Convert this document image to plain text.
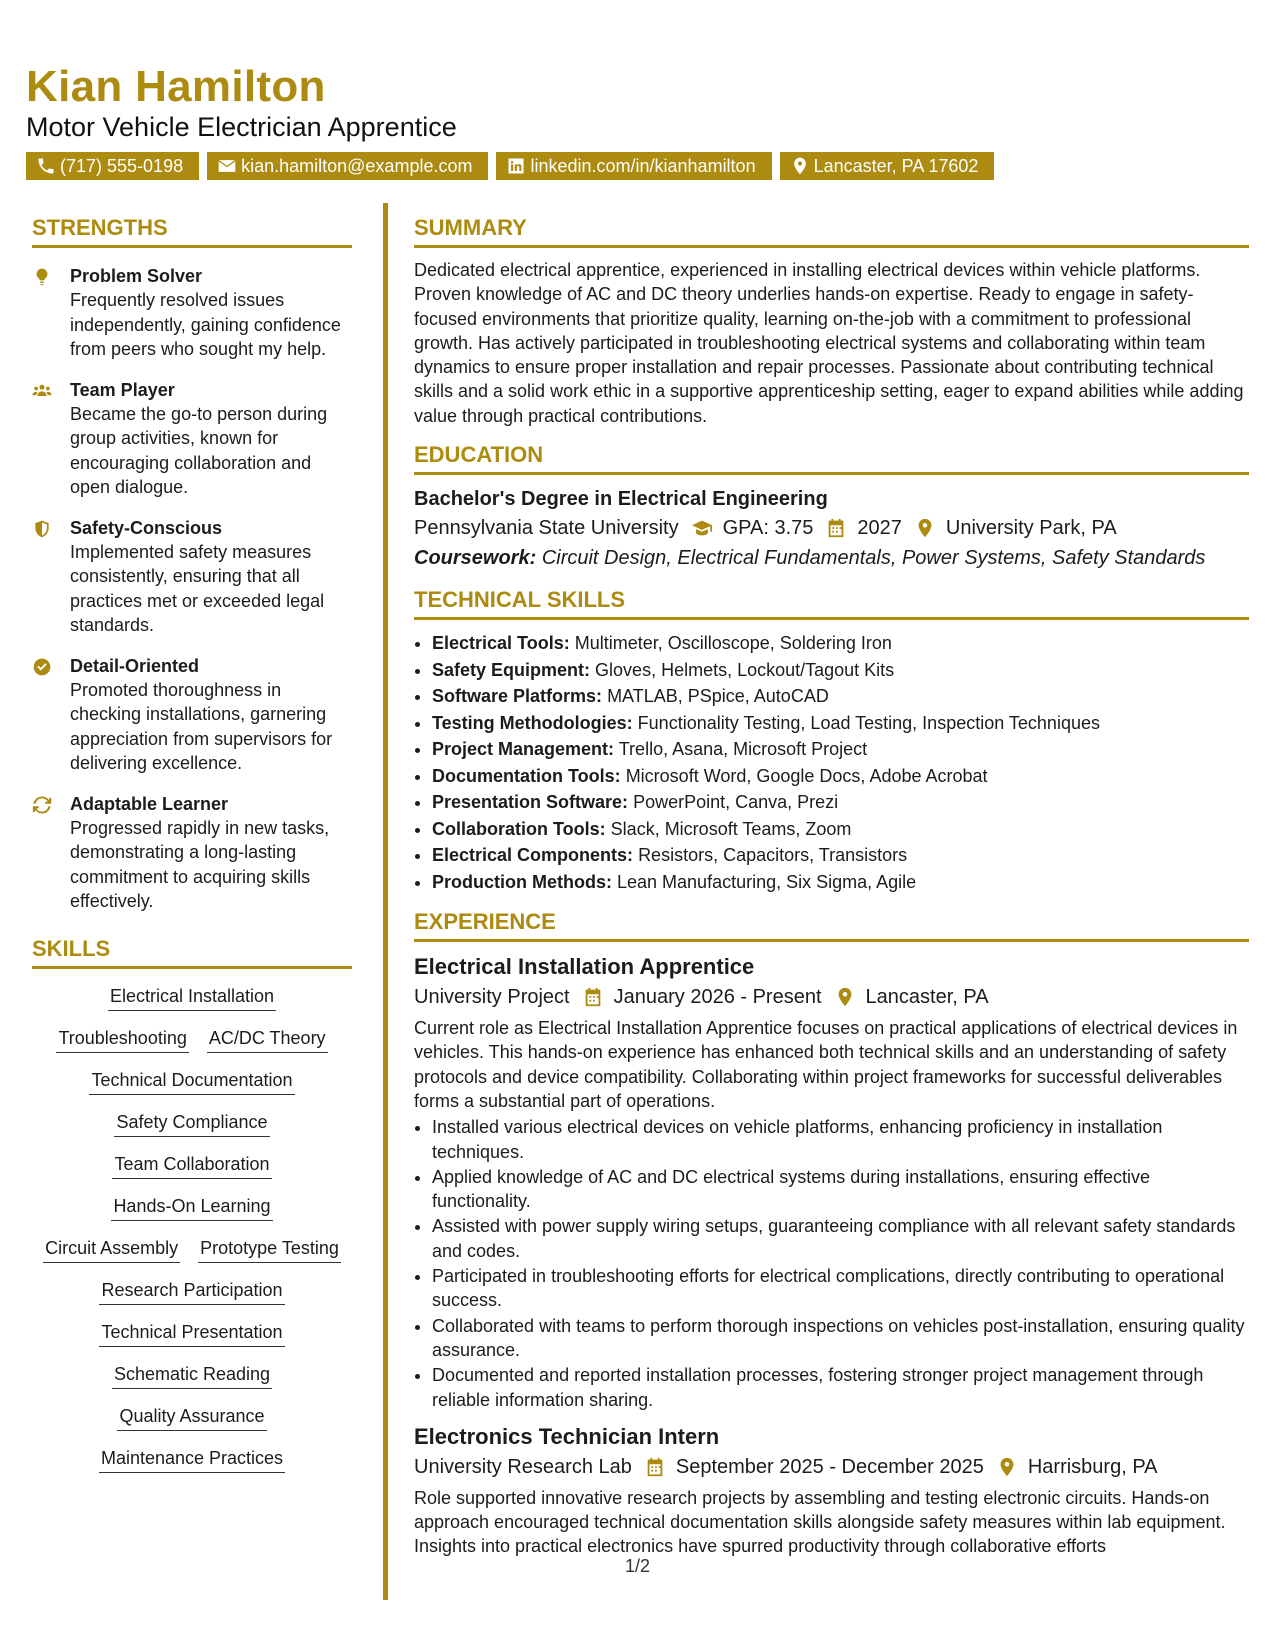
Kian Hamilton
Motor Vehicle Electrician Apprentice
(717) 555-0198	kian.hamilton@example.com	linkedin.com/in/kianhamilton	Lancaster, PA 17602
STRENGTHS
Problem Solver
Frequently resolved issues independently, gaining confidence from peers who sought my help.
Team Player
Became the go-to person during group activities, known for encouraging collaboration and open dialogue.
Safety-Conscious
Implemented safety measures consistently, ensuring that all practices met or exceeded legal standards.
Detail-Oriented
Promoted thoroughness in checking installations, garnering appreciation from supervisors for delivering excellence.
Adaptable Learner
Progressed rapidly in new tasks, demonstrating a long-lasting commitment to acquiring skills effectively.
SKILLS
Electrical Installation
Troubleshooting AC/DC Theory
Technical Documentation
Safety Compliance
Team Collaboration
Hands-On Learning
Circuit Assembly Prototype Testing
Research Participation
Technical Presentation
Schematic Reading
Quality Assurance
Maintenance Practices
SUMMARY
Dedicated electrical apprentice, experienced in installing electrical devices within vehicle platforms. Proven knowledge of AC and DC theory underlies hands-on expertise. Ready to engage in safety-focused environments that prioritize quality, learning on-the-job with a commitment to professional growth. Has actively participated in troubleshooting electrical systems and collaborating within team dynamics to ensure proper installation and repair processes. Passionate about contributing technical skills and a solid work ethic in a supportive apprenticeship setting, eager to expand abilities while adding value through practical contributions.
EDUCATION
Bachelor's Degree in Electrical Engineering
Pennsylvania State University GPA: 3.75 2027 University Park, PA
Coursework: Circuit Design, Electrical Fundamentals, Power Systems, Safety Standards
TECHNICAL SKILLS
• Electrical Tools: Multimeter, Oscilloscope, Soldering Iron
• Safety Equipment: Gloves, Helmets, Lockout/Tagout Kits
• Software Platforms: MATLAB, PSpice, AutoCAD
• Testing Methodologies: Functionality Testing, Load Testing, Inspection Techniques
• Project Management: Trello, Asana, Microsoft Project
• Documentation Tools: Microsoft Word, Google Docs, Adobe Acrobat
• Presentation Software: PowerPoint, Canva, Prezi
• Collaboration Tools: Slack, Microsoft Teams, Zoom
• Electrical Components: Resistors, Capacitors, Transistors
• Production Methods: Lean Manufacturing, Six Sigma, Agile
EXPERIENCE
Electrical Installation Apprentice
University Project January 2026 - Present Lancaster, PA
Current role as Electrical Installation Apprentice focuses on practical applications of electrical devices in vehicles. This hands-on experience has enhanced both technical skills and an understanding of safety protocols and device compatibility. Collaborating within project frameworks for successful deliverables forms a substantial part of operations.
• Installed various electrical devices on vehicle platforms, enhancing proficiency in installation techniques.
• Applied knowledge of AC and DC electrical systems during installations, ensuring effective functionality.
• Assisted with power supply wiring setups, guaranteeing compliance with all relevant safety standards and codes.
• Participated in troubleshooting efforts for electrical complications, directly contributing to operational success.
• Collaborated with teams to perform thorough inspections on vehicles post-installation, ensuring quality assurance.
• Documented and reported installation processes, fostering stronger project management through reliable information sharing.
Electronics Technician Intern
University Research Lab September 2025 - December 2025 Harrisburg, PA
Role supported innovative research projects by assembling and testing electronic circuits. Hands-on approach encouraged technical documentation skills alongside safety measures within lab equipment. Insights into practical electronics have spurred productivity through collaborative efforts
1/2
